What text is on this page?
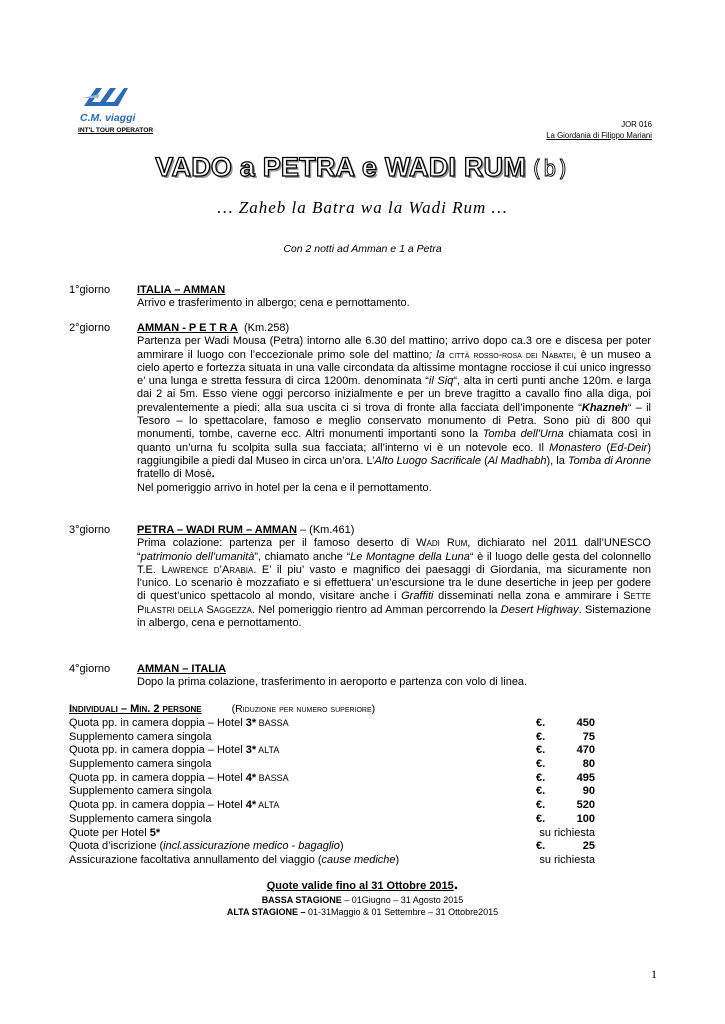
C.M. viaggi
INT'L TOUR OPERATOR
JOR 016
La Giordania di Filippo Mariani
VADO a PETRA e WADI RUM (b)
… Zaheb la Batra wa la Wadi Rum …
Con 2 notti ad Amman e 1 a Petra
1°giorno	ITALIA – AMMAN

Arrivo e trasferimento in albergo; cena e pernottamento.

2°giorno	AMMAN - P E T R A (Km.258)

Partenza per Wadi Mousa (Petra) intorno alle 6.30 del mattino; arrivo dopo ca.3 ore e discesa per poter ammirare il luogo con l’eccezionale primo sole del mattino; la città rosso-rosa dei Nabatei, è un museo a cielo aperto e fortezza situata in una valle circondata da altissime montagne rocciose il cui unico ingresso e’ una lunga e stretta fessura di circa 1200m. denominata “il Siq“, alta in certi punti anche 120m. e larga dai 2 ai 5m. Esso viene oggi percorso inizialmente e per un breve tragitto a cavallo fino alla diga, poi prevalentemente a piedi: alla sua uscita ci si trova di fronte alla facciata dell’imponente “Khazneh“ – il Tesoro – lo spettacolare, famoso e meglio conservato monumento di Petra. Sono più di 800 qui monumenti, tombe, caverne ecc. Altri monumenti importanti sono la Tomba dell'Urna chiamata così in quanto un’urna fu scolpita sulla sua facciata; all’interno vi è un notevole eco. Il Monastero (Ed-Deir) raggiungibile a piedi dal Museo in circa un’ora. L’Alto Luogo Sacrificale (Al Madhabh), la Tomba di Aronne fratello di Mosè.

Nel pomeriggio arrivo in hotel per la cena e il pernottamento.

3°giorno	PETRA – WADI RUM – AMMAN – (Km.461)

Prima colazione: partenza per il famoso deserto di Wadi Rum, dichiarato nel 2011 dall’UNESCO “patrimonio dell’umanità”, chiamato anche “Le Montagne della Luna“ è il luogo delle gesta del colonnello T.E. Lawrence d’Arabia. E’ il piu’ vasto e magnifico dei paesaggi di Giordania, ma sicuramente non l’unico. Lo scenario è mozzafiato e si effettuera’ un’escursione tra le dune desertiche in jeep per godere di quest’unico spettacolo al mondo, visitare anche i Graffiti disseminati nella zona e ammirare i Sette Pilastri della Saggezza. Nel pomeriggio rientro ad Amman percorrendo la Desert Highway. Sistemazione in albergo, cena e pernottamento.

4°giorno	AMMAN – ITALIA

Dopo la prima colazione, trasferimento in aeroporto e partenza con volo di linea.

Individuali – Min. 2 persone	(Riduzione per numero superiore)
Quota pp. in camera doppia – Hotel 3* BASSA	€.	450
Supplemento camera singola	€.	75
Quota pp. in camera doppia – Hotel 3* ALTA	€.	470
Supplemento camera singola	€.	80
Quota pp. in camera doppia – Hotel 4* BASSA	€.	495
Supplemento camera singola	€.	90
Quota pp. in camera doppia – Hotel 4* ALTA	€.	520
Supplemento camera singola	€.	100
Quote per Hotel 5*	su richiesta
Quota d’iscrizione (incl.assicurazione medico - bagaglio)	€.	25
Assicurazione facoltativa annullamento del viaggio (cause mediche)	su richiesta
Quote valide fino al 31 Ottobre 2015.
BASSA STAGIONE – 01Giugno – 31 Agosto 2015
ALTA STAGIONE – 01-31Maggio & 01 Settembre – 31 Ottobre2015
1
